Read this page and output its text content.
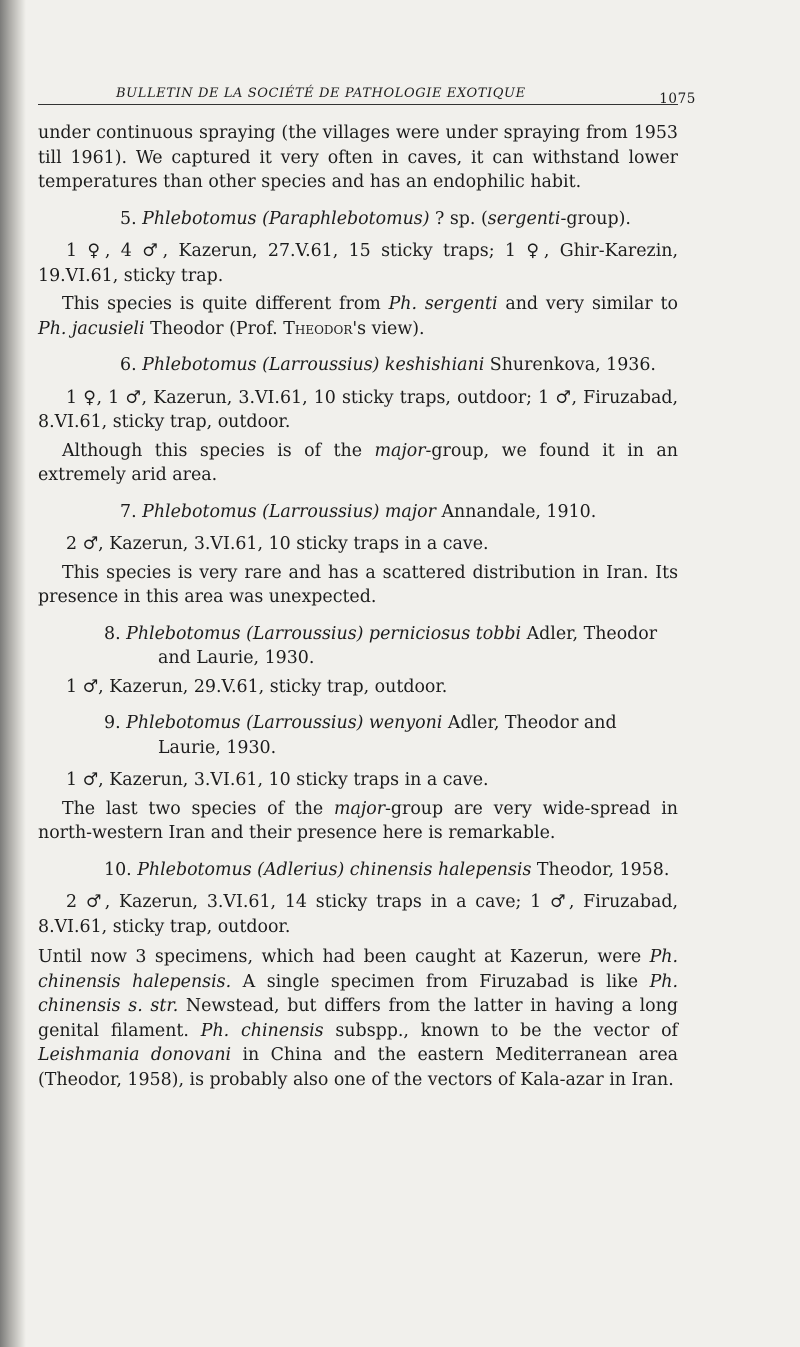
BULLETIN DE LA SOCIÉTÉ DE PATHOLOGIE EXOTIQUE	1075

under continuous spraying (the villages were under spraying from 1953 till 1961). We captured it very often in caves, it can withstand lower temperatures than other species and has an endophilic habit.

5. Phlebotomus (Paraphlebotomus) ? sp. (sergenti-group).

1 ♀, 4 ♂, Kazerun, 27.V.61, 15 sticky traps; 1 ♀, Ghir-Karezin, 19.VI.61, sticky trap.

This species is quite different from Ph. sergenti and very similar to Ph. jacusieli Theodor (Prof. Theodor's view).

6. Phlebotomus (Larroussius) keshishiani Shurenkova, 1936.

1 ♀, 1 ♂, Kazerun, 3.VI.61, 10 sticky traps, outdoor; 1 ♂, Firuzabad, 8.VI.61, sticky trap, outdoor.

Although this species is of the major-group, we found it in an extremely arid area.

7. Phlebotomus (Larroussius) major Annandale, 1910.

2 ♂, Kazerun, 3.VI.61, 10 sticky traps in a cave.

This species is very rare and has a scattered distribution in Iran. Its presence in this area was unexpected.

8. Phlebotomus (Larroussius) perniciosus tobbi Adler, Theodor and Laurie, 1930.

1 ♂, Kazerun, 29.V.61, sticky trap, outdoor.

9. Phlebotomus (Larroussius) wenyoni Adler, Theodor and Laurie, 1930.

1 ♂, Kazerun, 3.VI.61, 10 sticky traps in a cave.

The last two species of the major-group are very wide-spread in north-western Iran and their presence here is remarkable.

10. Phlebotomus (Adlerius) chinensis halepensis Theodor, 1958.

2 ♂, Kazerun, 3.VI.61, 14 sticky traps in a cave; 1 ♂, Firuzabad, 8.VI.61, sticky trap, outdoor.

Until now 3 specimens, which had been caught at Kazerun, were Ph. chinensis halepensis. A single specimen from Firuzabad is like Ph. chinensis s. str. Newstead, but differs from the latter in having a long genital filament. Ph. chinensis subspp., known to be the vector of Leishmania donovani in China and the eastern Mediterranean area (Theodor, 1958), is probably also one of the vectors of Kala-azar in Iran.
